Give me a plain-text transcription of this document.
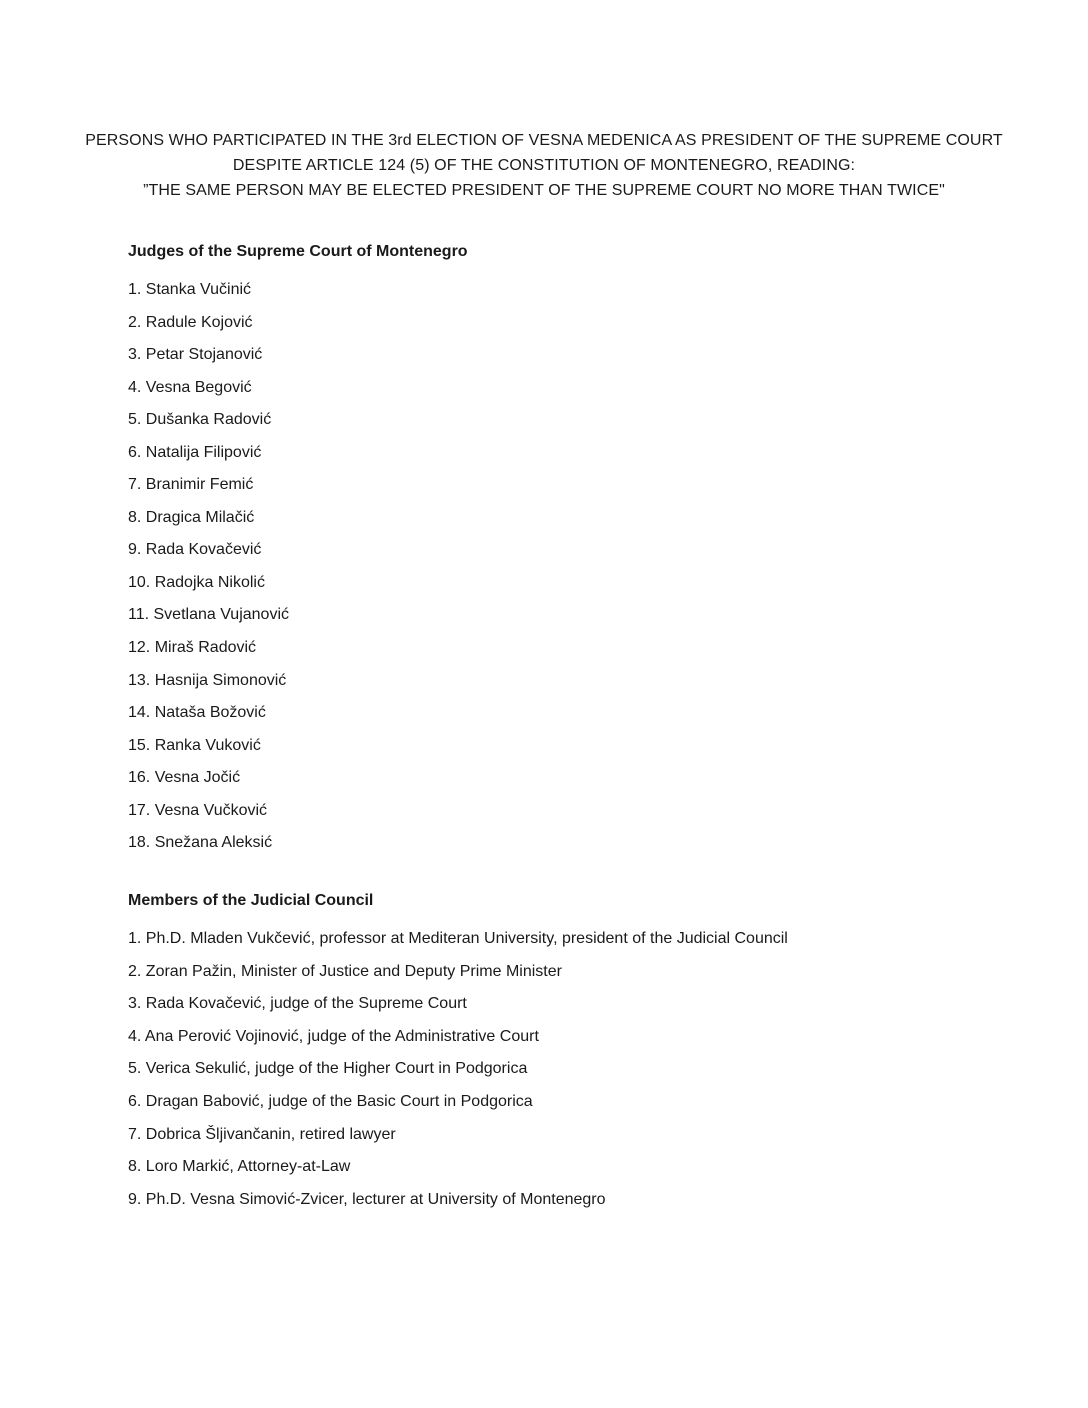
PERSONS WHO PARTICIPATED IN THE 3rd ELECTION OF VESNA MEDENICA AS PRESIDENT OF THE SUPREME COURT
DESPITE ARTICLE 124 (5) OF THE CONSTITUTION OF MONTENEGRO, READING:
”THE SAME PERSON MAY BE ELECTED PRESIDENT OF THE SUPREME COURT NO MORE THAN TWICE"
Judges of the Supreme Court of Montenegro
1. Stanka Vučinić
2. Radule Kojović
3. Petar Stojanović
4. Vesna Begović
5. Dušanka Radović
6. Natalija Filipović
7. Branimir Femić
8. Dragica Milačić
9. Rada Kovačević
10. Radojka Nikolić
11. Svetlana Vujanović
12. Miraš Radović
13. Hasnija Simonović
14. Nataša Božović
15. Ranka Vuković
16. Vesna Jočić
17. Vesna Vučković
18. Snežana Aleksić
Members of the Judicial Council
1. Ph.D. Mladen Vukčević, professor at Mediteran University, president of the Judicial Council
2. Zoran Pažin, Minister of Justice and Deputy Prime Minister
3. Rada Kovačević, judge of the Supreme Court
4. Ana Perović Vojinović, judge of the Administrative Court
5. Verica Sekulić, judge of the Higher Court in Podgorica
6. Dragan Babović, judge of the Basic Court in Podgorica
7. Dobrica Šljivančanin, retired lawyer
8. Loro Markić, Attorney-at-Law
9. Ph.D. Vesna Simović-Zvicer, lecturer at University of Montenegro
